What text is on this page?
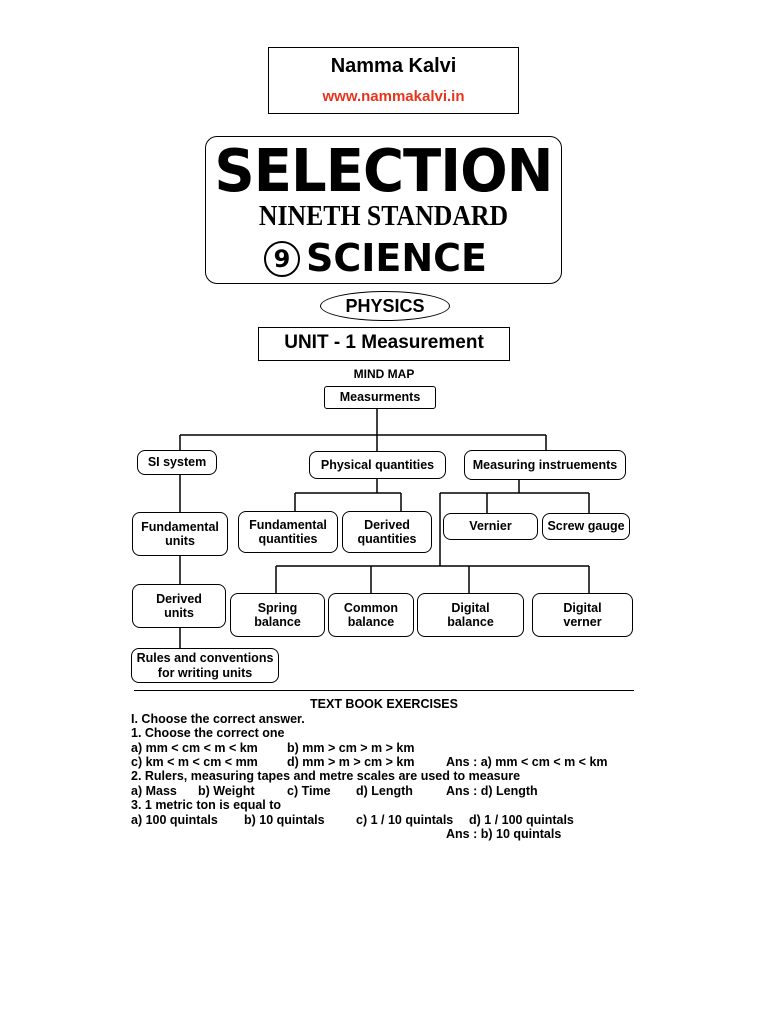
Namma Kalvi
www.nammakalvi.in
SELECTION
NINETH STANDARD
9 SCIENCE
PHYSICS
UNIT - 1 Measurement
MIND MAP
Measurments
SI system	Physical quantities	Measuring instruements
Fundamental
units
Fundamental
quantities
Derived
quantities
Vernier	Screw gauge
Derived
units	Spring
balance
Common
balance
Digital
balance
Digital
verner
Rules and conventions
for writing units
TEXT BOOK EXERCISES
I. Choose the correct answer.
1. Choose the correct one
a) mm < cm < m < km b) mm > cm > m > km
c) km < m < cm < mm d) mm > m > cm > km	Ans : a) mm < cm < m < km
2. Rulers, measuring tapes and metre scales are used to measure
a) Mass b) Weight	c) Time d) Length	Ans : d) Length
3. 1 metric ton is equal to
a) 100 quintals b) 10 quintals	c) 1 / 10 quintals d) 1 / 100 quintals
Ans : b) 10 quintals
